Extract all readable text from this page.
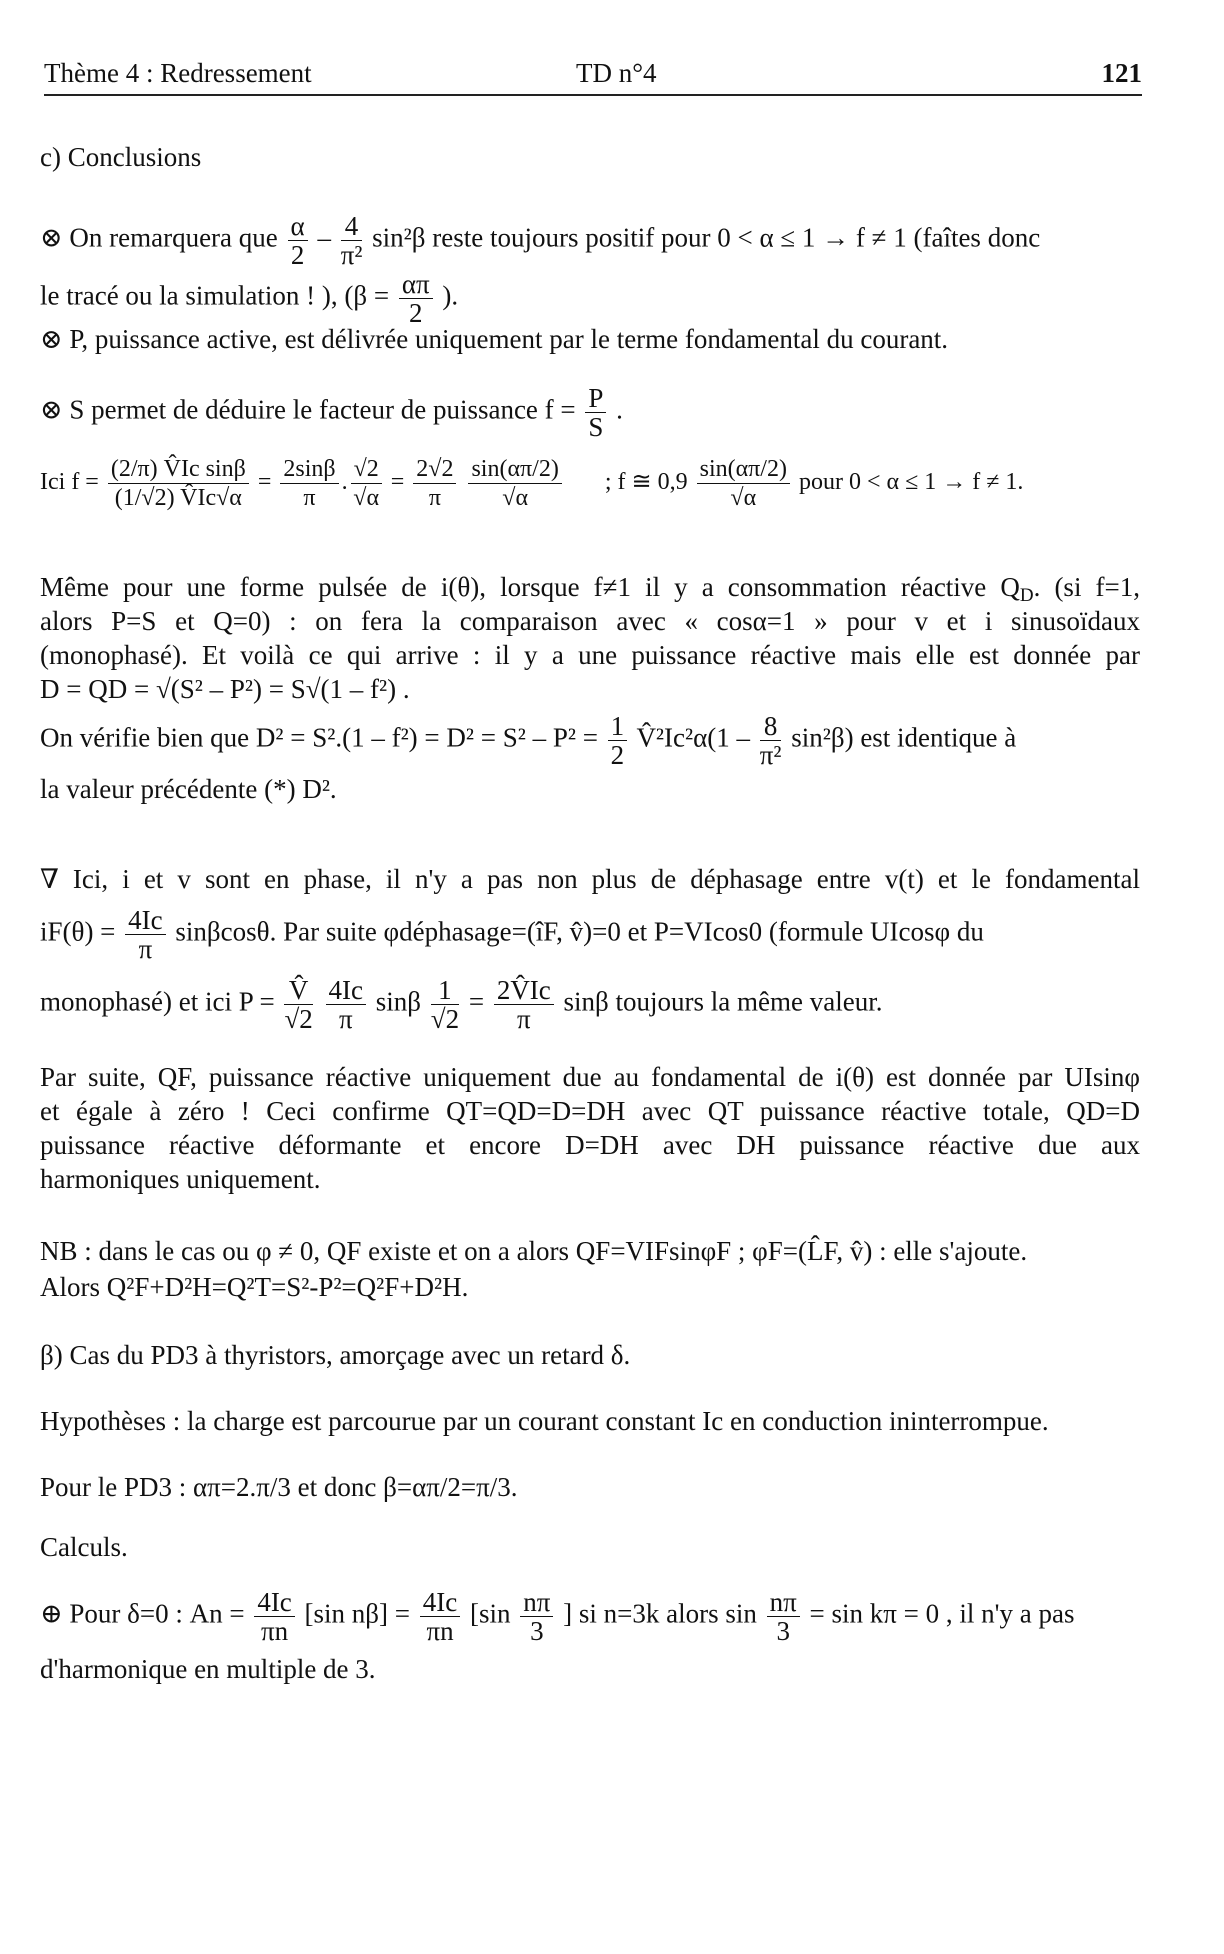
Thème 4 : Redressement	TD n°4	121
c) Conclusions
⊗ On remarquera que $\frac{\alpha}{2} - \frac{4}{\text{π²}} \sin^2\beta$ reste toujours positif pour 0 < α ≤ 1 → f ≠ 1 (faîtes donc
le tracé ou la simulation ! ), ($\beta = \frac{\alpha\pi}{2}$ ).
⊗ P, puissance active, est délivrée uniquement par le terme fondamental du courant.
⊗ S permet de déduire le facteur de puissance $f = \frac{P}{S}$ .
Ici $f = \frac{\text{(2/π) V̂Ic sinβ}}{(1/√2) V̂Ic√\alpha} = \frac{2\sin\beta}{\pi}$ . $\frac{√2}{√\alpha} = \frac{2√2}{\pi}$
$\frac{\sin(\alpha\pi/2)}{√\alpha}$ ; f ≅ $0,9 \frac{\sin(\alpha\pi/2)}{√\alpha}$ pour 0 < α ≤ 1 → f ≠ 1.
Même pour une forme pulsée de i(θ), lorsque f≠1 il y a consommation réactive $Q_D$. (si f=1,
alors P=S et Q=0) : on fera la comparaison avec « cosα=1 » pour v et i sinusoïdaux
(monophasé). Et voilà ce qui arrive : il y a une puissance réactive mais elle est donnée par
D = QD = √(S² – P²) = S√(1 – f²) .
On vérifie bien que $D^2 = S^2.(1 - f^2) = D^2 = S^2 - P^2 = \frac{1}{2}$ V̂²Ic²α(1 – $\frac{8}{\text{π²}} \sin^2\beta$) est identique à
la valeur précédente (*) D².
∇ Ici, i et v sont en phase, il n'y a pas non plus de déphasage entre v(t) et le fondamental
$iF(\theta) = \frac{4Ic}{\pi} \sin\beta\cos\theta$. Par suite φdéphasage=(îF, v̂)=0 et P=VIcos0 (formule UIcosφ du
monophasé) et ici $P = \frac{V̂}{√2}$
$\frac{4Ic}{\pi}$ sinβ $\frac{1}{√2} = \frac{2V̂Ic}{\pi}$ sinβ toujours la même valeur.
Par suite, QF, puissance réactive uniquement due au fondamental de i(θ) est donnée par UIsinφ
et égale à zéro ! Ceci confirme QT=QD=D=DH avec QT puissance réactive totale, QD=D
puissance réactive déformante et encore D=DH avec DH puissance réactive due aux
harmoniques uniquement.
NB : dans le cas ou φ ≠ 0, QF existe et on a alors QF=VIFsinφF ; φF=(L̂F, v̂) : elle s'ajoute.
Alors Q²F+D²H=Q²T=S²-P²=Q²F+D²H.
β) Cas du PD3 à thyristors, amorçage avec un retard δ.
Hypothèses : la charge est parcourue par un courant constant Ic en conduction ininterrompue.
Pour le PD3 : απ=2.π/3 et donc β=απ/2=π/3.
Calculs.
⊕ Pour δ=0 : $An = \frac{4Ic}{\pi n} [\sin$ $n\beta] = \frac{4Ic}{\pi n} [\sin \frac{n\pi}{3}$ ] si n=3k alors $\sin \frac{n\pi}{3} = \sin k\pi = 0$ , il n'y a pas
d'harmonique en multiple de 3.
